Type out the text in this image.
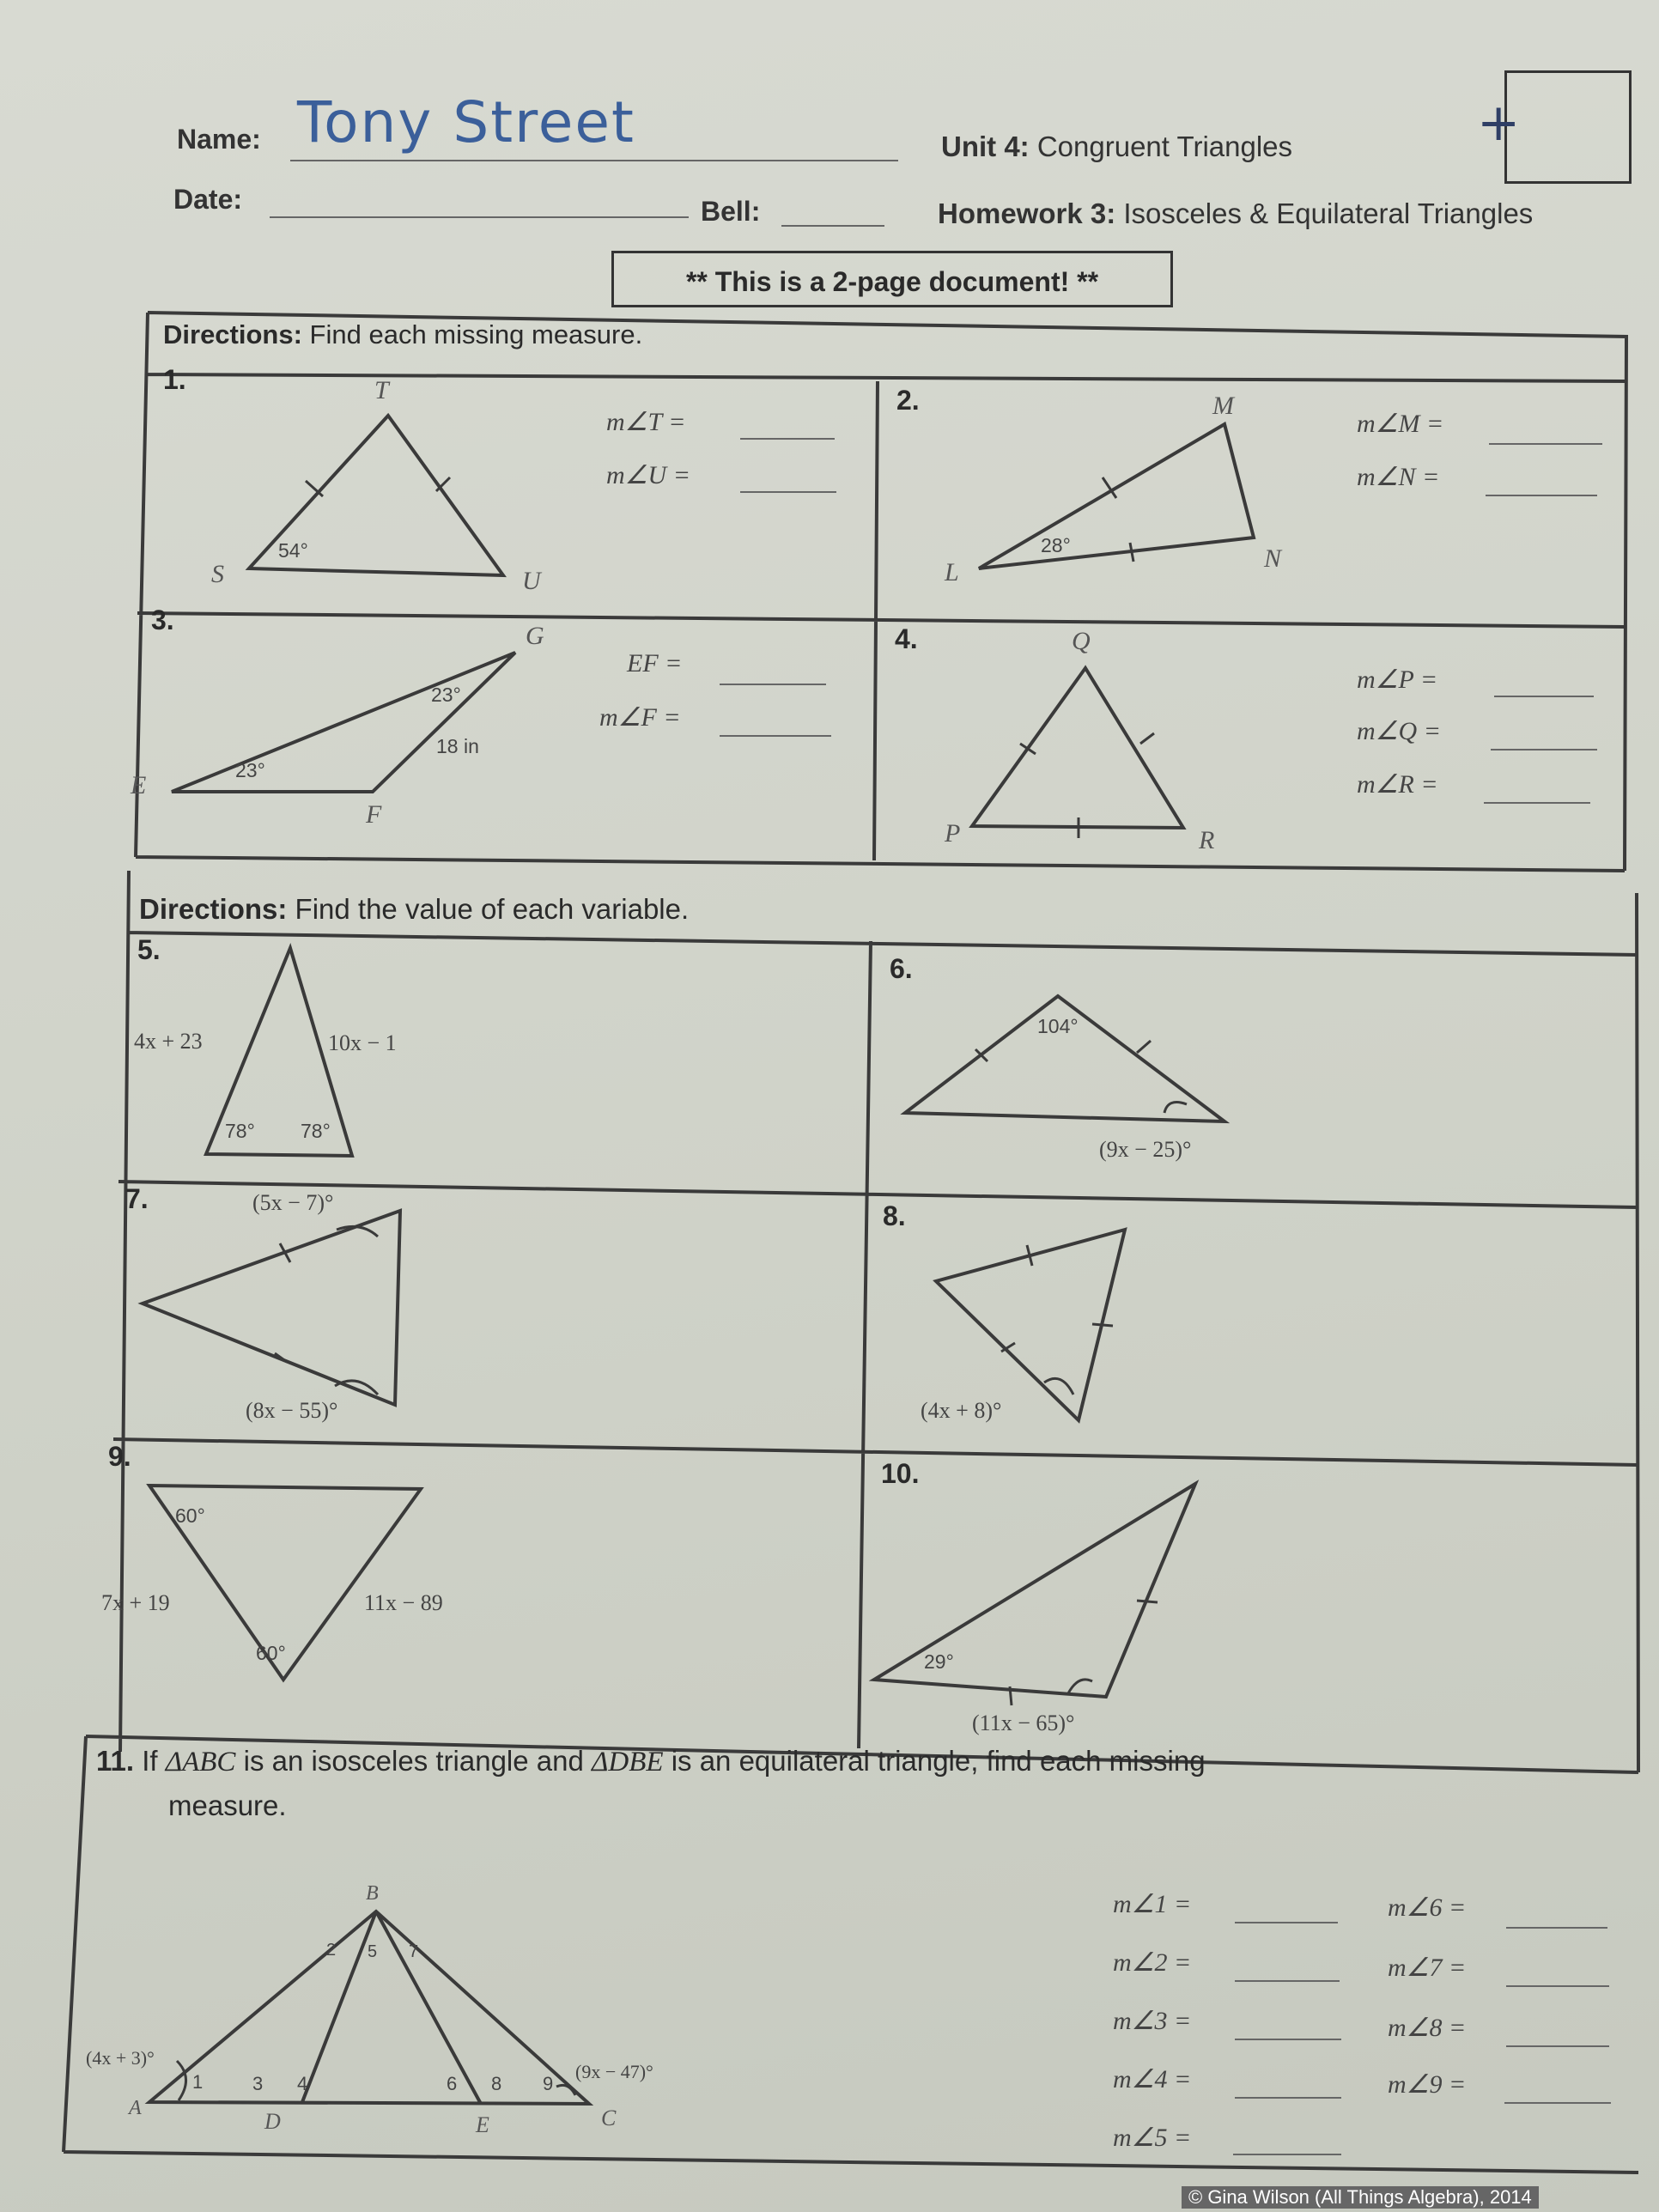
Name: Tony Street
Date:	Bell:
Unit 4: Congruent Triangles
Homework 3: Isosceles & Equilateral Triangles
+
** This is a 2-page document! **
Directions: Find each missing measure.
1.	T
S	U
54°
m∠T =
m∠U =
2.	M
L	N
28°
m∠M =
m∠N =
3.
G
E
F
23°
23°
18 in
EF =
m∠F =
4.	Q
P	R
m∠P =
m∠Q =
m∠R =
Directions: Find the value of each variable.
5.
4x + 23	10x − 1
78° 78°
6.
104°
(9x − 25)°
7.	(5x − 7)°
(8x − 55)°
8.
(4x + 8)°
9.
60°
60°
7x + 19	11x − 89
10.
29°
(11x − 65)°
11. If ΔABC is an isosceles triangle and ΔDBE is an equilateral triangle, find each missing
measure.
B
A
D	E	C
1
2
3 4
5
6
7
8 9
(4x + 3)°
(9x − 47)°
m∠1 =
m∠2 =
m∠3 =
m∠4 =
m∠5 =
m∠6 =
m∠7 =
m∠8 =
m∠9 =
© Gina Wilson (All Things Algebra), 2014
